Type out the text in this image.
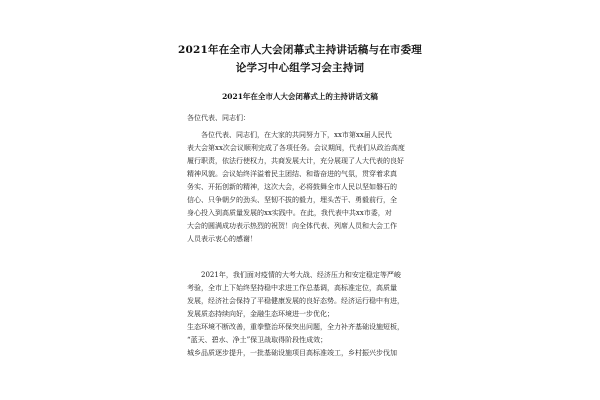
2021年在全市人大会闭幕式主持讲话稿与在市委理
论学习中心组学习会主持词
2021年在全市人大会闭幕式上的主持讲话文稿
各位代表、同志们：
各位代表、同志们，在大家的共同努力下，xx市第xx届人民代
表大会第xx次会议顺利完成了各项任务。会议期间，代表们从政治高度
履行职责，依法行使权力，共商发展大计，充分展现了人大代表的良好
精神风貌。会议始终洋溢着民主团结、和谐奋进的气氛，贯穿着求真
务实、开拓创新的精神，这次大会，必将鼓舞全市人民以坚如磐石的
信心、只争朝夕的劲头、坚韧不拔的毅力，埋头苦干、勇毅前行，全
身心投入到高质量发展的xx实践中。在此，我代表中共xx市委，对
大会的圆满成功表示热烈的祝贺！向全体代表、列席人员和大会工作
人员表示衷心的感谢！
2021年，我们面对疫情的大考大战、经济压力和安定稳定等严峻
考验，全市上下始终坚持稳中求进工作总基调，高标准定位，高质量
发展，经济社会保持了平稳健康发展的良好态势。经济运行稳中有进，
发展质态持续向好，金融生态环境进一步优化；
生态环境不断改善，重拳整治环保突出问题，全力补齐基础设施短板，
“蓝天、碧水、净土”保卫战取得阶段性成效；
城乡品质逐步提升，一批基础设施项目高标准竣工，乡村振兴步伐加
